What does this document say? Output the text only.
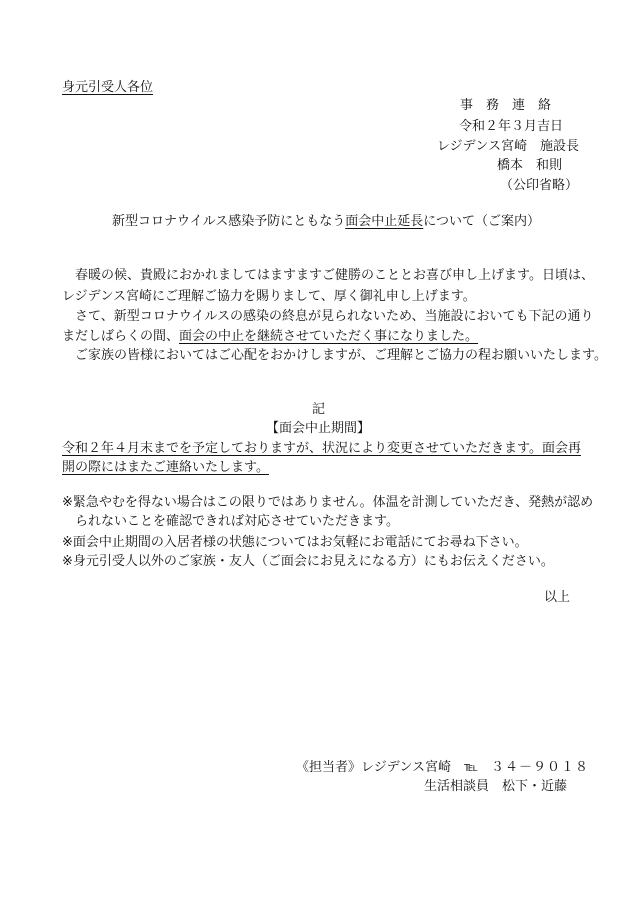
身元引受人各位
事　務　連　絡
令和２年３月吉日
レジデンス宮崎　施設長
橋本　和則
（公印省略）
新型コロナウイルス感染予防にともなう面会中止延長について（ご案内）
春暖の候、貴殿におかれましてはますますご健勝のこととお喜び申し上げます。日頃は、
レジデンス宮崎にご理解ご協力を賜りまして、厚く御礼申し上げます。
さて、新型コロナウイルスの感染の終息が見られないため、当施設においても下記の通り
まだしばらくの間、面会の中止を継続させていただく事になりました。
ご家族の皆様においてはご心配をおかけしますが、ご理解とご協力の程お願いいたします。
記
【面会中止期間】
令和２年４月末までを予定しておりますが、状況により変更させていただきます。面会再
開の際にはまたご連絡いたします。
※緊急やむを得ない場合はこの限りではありません。体温を計測していただき、発熱が認め
られないことを確認できれば対応させていただきます。
※面会中止期間の入居者様の状態についてはお気軽にお電話にてお尋ね下さい。
※身元引受人以外のご家族・友人（ご面会にお見えになる方）にもお伝えください。
以上
《担当者》レジデンス宮崎 ℡ ３４－９０１８
生活相談員　松下・近藤
